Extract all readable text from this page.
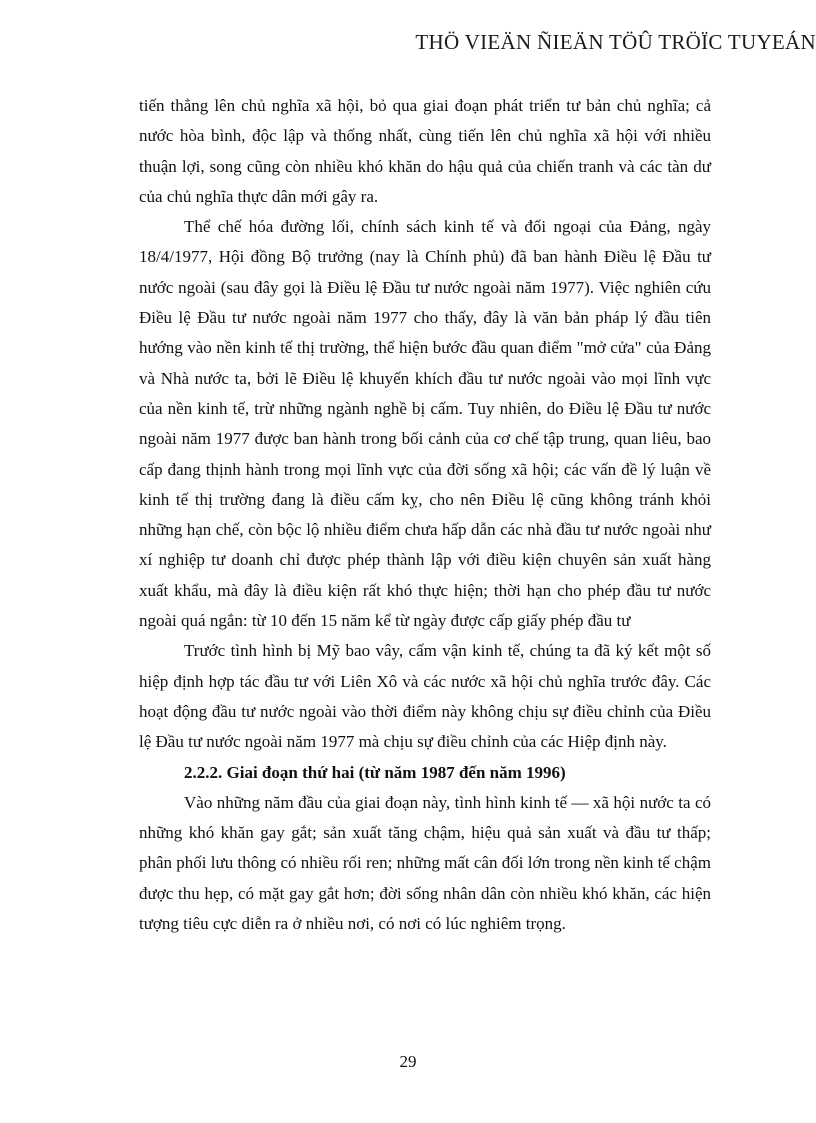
THÖ VIEÄN ÑIEÄN TÖÛ TRÖÏC TUYEÁN

tiến thẳng lên chủ nghĩa xã hội, bỏ qua giai đoạn phát triển tư bản chủ nghĩa; cả nước hòa bình, độc lập và thống nhất, cùng tiến lên chủ nghĩa xã hội với nhiều thuận lợi, song cũng còn nhiều khó khăn do hậu quả của chiến tranh và các tàn dư của chủ nghĩa thực dân mới gây ra.

Thể chế hóa đường lối, chính sách kinh tế và đối ngoại của Đảng, ngày 18/4/1977, Hội đồng Bộ trưởng (nay là Chính phủ) đã ban hành Điều lệ Đầu tư nước ngoài (sau đây gọi là Điều lệ Đầu tư nước ngoài năm 1977). Việc nghiên cứu Điều lệ Đầu tư nước ngoài năm 1977 cho thấy, đây là văn bản pháp lý đầu tiên hướng vào nền kinh tế thị trường, thể hiện bước đầu quan điểm "mở cửa" của Đảng và Nhà nước ta, bởi lẽ Điều lệ khuyến khích đầu tư nước ngoài vào mọi lĩnh vực của nền kinh tế, trừ những ngành nghề bị cấm. Tuy nhiên, do Điều lệ Đầu tư nước ngoài năm 1977 được ban hành trong bối cảnh của cơ chế tập trung, quan liêu, bao cấp đang thịnh hành trong mọi lĩnh vực của đời sống xã hội; các vấn đề lý luận về kinh tế thị trường đang là điều cấm kỵ, cho nên Điều lệ cũng không tránh khỏi những hạn chế, còn bộc lộ nhiều điểm chưa hấp dẫn các nhà đầu tư nước ngoài như xí nghiệp tư doanh chỉ được phép thành lập với điều kiện chuyên sản xuất hàng xuất khẩu, mà đây là điều kiện rất khó thực hiện; thời hạn cho phép đầu tư nước ngoài quá ngắn: từ 10 đến 15 năm kể từ ngày được cấp giấy phép đầu tư

Trước tình hình bị Mỹ bao vây, cấm vận kinh tế, chúng ta đã ký kết một số hiệp định hợp tác đầu tư với Liên Xô và các nước xã hội chủ nghĩa trước đây. Các hoạt động đầu tư nước ngoài vào thời điểm này không chịu sự điều chỉnh của Điều lệ Đầu tư nước ngoài năm 1977 mà chịu sự điều chỉnh của các Hiệp định này.

2.2.2. Giai đoạn thứ hai (từ năm 1987 đến năm 1996)

Vào những năm đầu của giai đoạn này, tình hình kinh tế — xã hội nước ta có những khó khăn gay gắt; sản xuất tăng chậm, hiệu quả sản xuất và đầu tư thấp; phân phối lưu thông có nhiều rối ren; những mất cân đối lớn trong nền kinh tế chậm được thu hẹp, có mặt gay gắt hơn; đời sống nhân dân còn nhiều khó khăn, các hiện tượng tiêu cực diễn ra ở nhiều nơi, có nơi có lúc nghiêm trọng.

29
